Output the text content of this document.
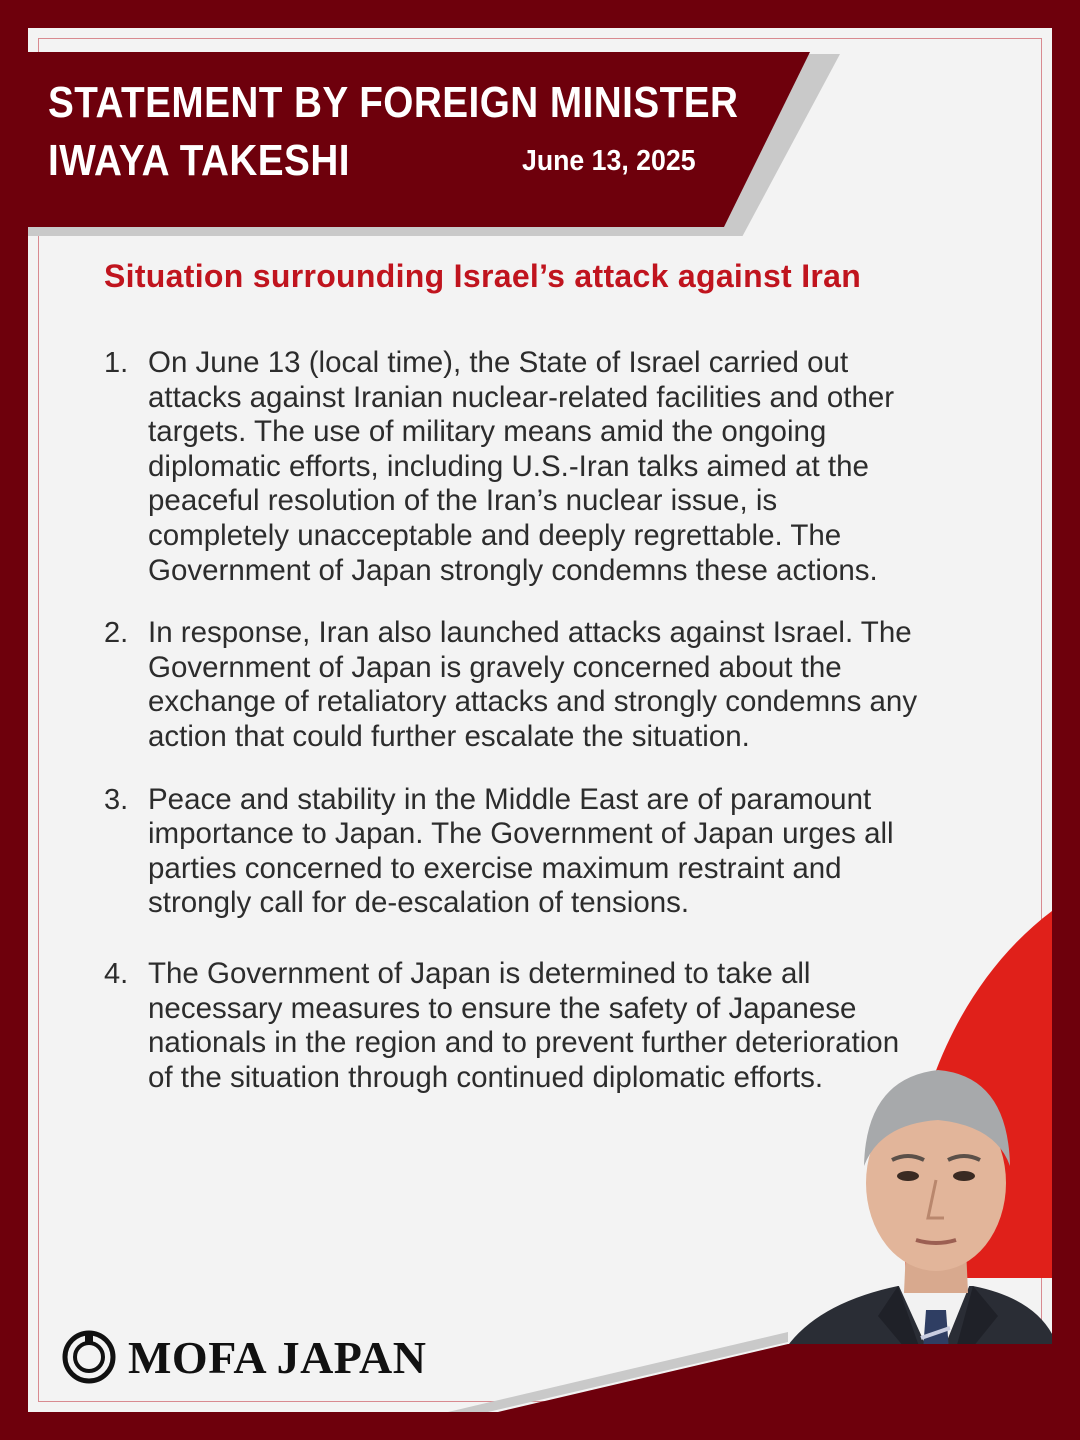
STATEMENT BY FOREIGN MINISTER
IWAYA TAKESHI	June 13, 2025

Situation surrounding Israel’s attack against Iran
1. On June 13 (local time), the State of Israel carried out attacks against Iranian nuclear-related facilities and other targets. The use of military means amid the ongoing diplomatic efforts, including U.S.-Iran talks aimed at the peaceful resolution of the Iran’s nuclear issue, is completely unacceptable and deeply regrettable. The Government of Japan strongly condemns these actions.

2. In response, Iran also launched attacks against Israel. The Government of Japan is gravely concerned about the exchange of retaliatory attacks and strongly condemns any action that could further escalate the situation.

3. Peace and stability in the Middle East are of paramount importance to Japan. The Government of Japan urges all parties concerned to exercise maximum restraint and strongly call for de-escalation of tensions.

4. The Government of Japan is determined to take all necessary measures to ensure the safety of Japanese nationals in the region and to prevent further deterioration of the situation through continued diplomatic efforts.

MOFA JAPAN
